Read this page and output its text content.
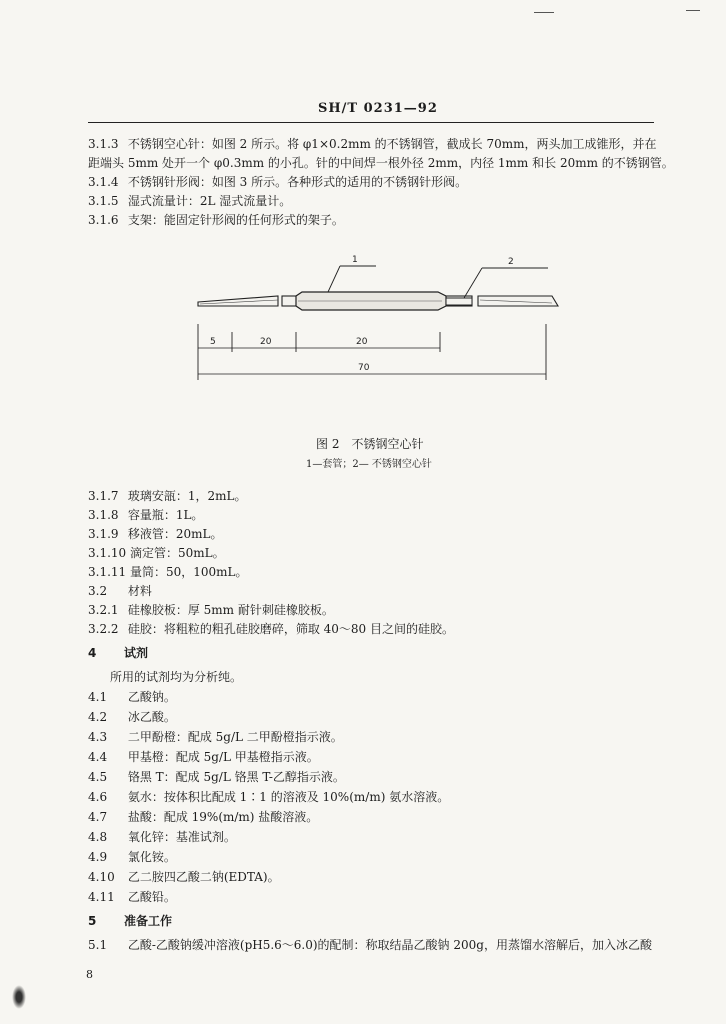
SH/T 0231—92
3.1.3 不锈钢空心针：如图 2 所示。将 φ1×0.2mm 的不锈钢管，截成长 70mm，两头加工成锥形，并在
距端头 5mm 处开一个 φ0.3mm 的小孔。针的中间焊一根外径 2mm，内径 1mm 和长 20mm 的不锈钢管。
3.1.4 不锈钢针形阀：如图 3 所示。各种形式的适用的不锈钢针形阀。
3.1.5 湿式流量计：2L 湿式流量计。
3.1.6 支架：能固定针形阀的任何形式的架子。
1	2
5	20	20
70
图 2　不锈钢空心针
1—套管；2— 不锈钢空心针
3.1.7 玻璃安瓿：1，2mL。
3.1.8 容量瓶：1L。
3.1.9 移液管：20mL。
3.1.10 滴定管：50mL。
3.1.11 量筒：50，100mL。
3.2 材料
3.2.1 硅橡胶板：厚 5mm 耐针刺硅橡胶板。
3.2.2 硅胶：将粗粒的粗孔硅胶磨碎，筛取 40～80 目之间的硅胶。
4 试剂
所用的试剂均为分析纯。
4.1 乙酸钠。
4.2 冰乙酸。
4.3 二甲酚橙：配成 5g/L 二甲酚橙指示液。
4.4 甲基橙：配成 5g/L 甲基橙指示液。
4.5 铬黑 T：配成 5g/L 铬黑 T-乙醇指示液。
4.6 氨水：按体积比配成 1∶1 的溶液及 10%(m/m) 氨水溶液。
4.7 盐酸：配成 19%(m/m) 盐酸溶液。
4.8 氧化锌：基准试剂。
4.9 氯化铵。
4.10 乙二胺四乙酸二钠(EDTA)。
4.11 乙酸铅。
5 准备工作
5.1 乙酸-乙酸钠缓冲溶液(pH5.6～6.0)的配制：称取结晶乙酸钠 200g，用蒸馏水溶解后，加入冰乙酸
8
